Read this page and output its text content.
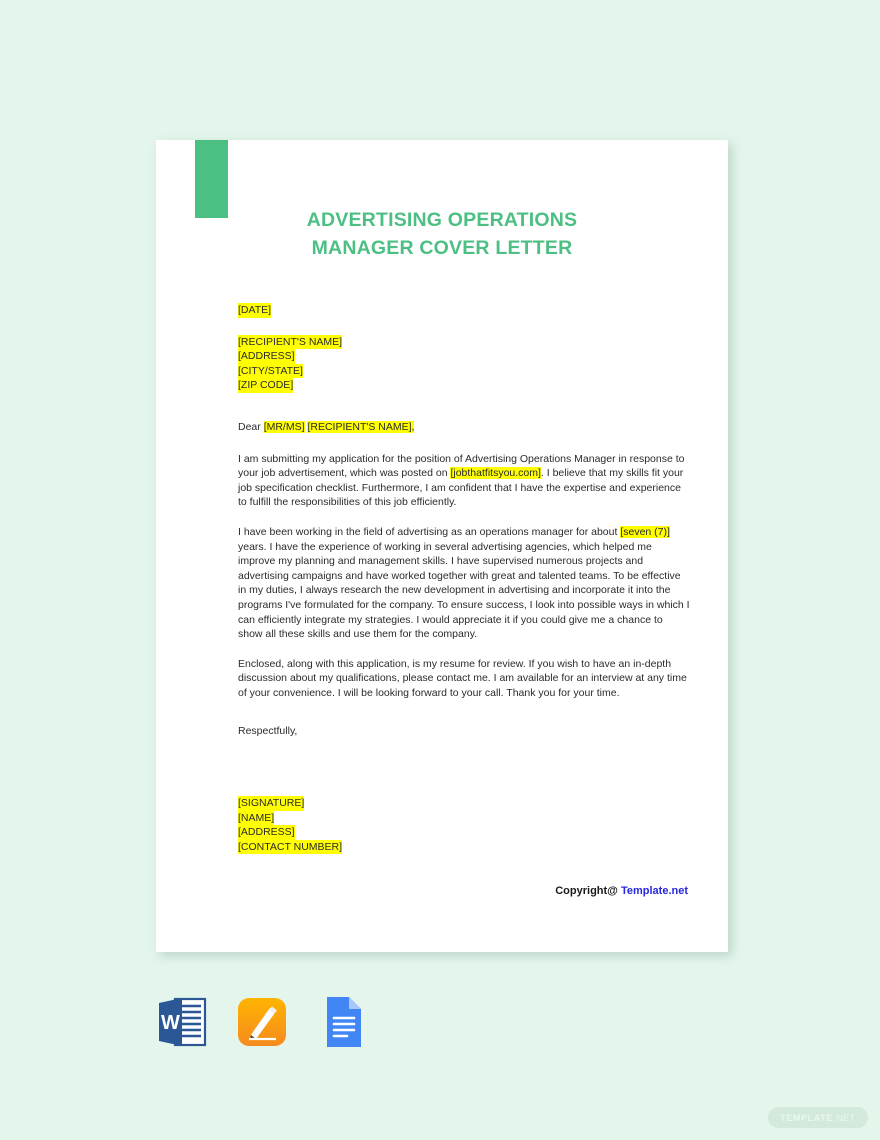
ADVERTISING OPERATIONS
MANAGER COVER LETTER
[DATE]
[RECIPIENT'S NAME]
[ADDRESS]
[CITY/STATE]
[ZIP CODE]
Dear [MR/MS] [RECIPIENT'S NAME],

I am submitting my application for the position of Advertising Operations Manager in response to your job advertisement, which was posted on [jobthatfitsyou.com]. I believe that my skills fit your job specification checklist. Furthermore, I am confident that I have the expertise and experience to fulfill the responsibilities of this job efficiently.

I have been working in the field of advertising as an operations manager for about [seven (7)] years. I have the experience of working in several advertising agencies, which helped me improve my planning and management skills. I have supervised numerous projects and advertising campaigns and have worked together with great and talented teams. To be effective in my duties, I always research the new development in advertising and incorporate it into the programs I've formulated for the company. To ensure success, I look into possible ways in which I can efficiently integrate my strategies. I would appreciate it if you could give me a chance to show all these skills and use them for the company.

Enclosed, along with this application, is my resume for review. If you wish to have an in-depth discussion about my qualifications, please contact me. I am available for an interview at any time of your convenience. I will be looking forward to your call. Thank you for your time.

Respectfully,

[SIGNATURE]
[NAME]
[ADDRESS]
[CONTACT NUMBER]
Copyright@ Template.net
W
TEMPLATE .NET
